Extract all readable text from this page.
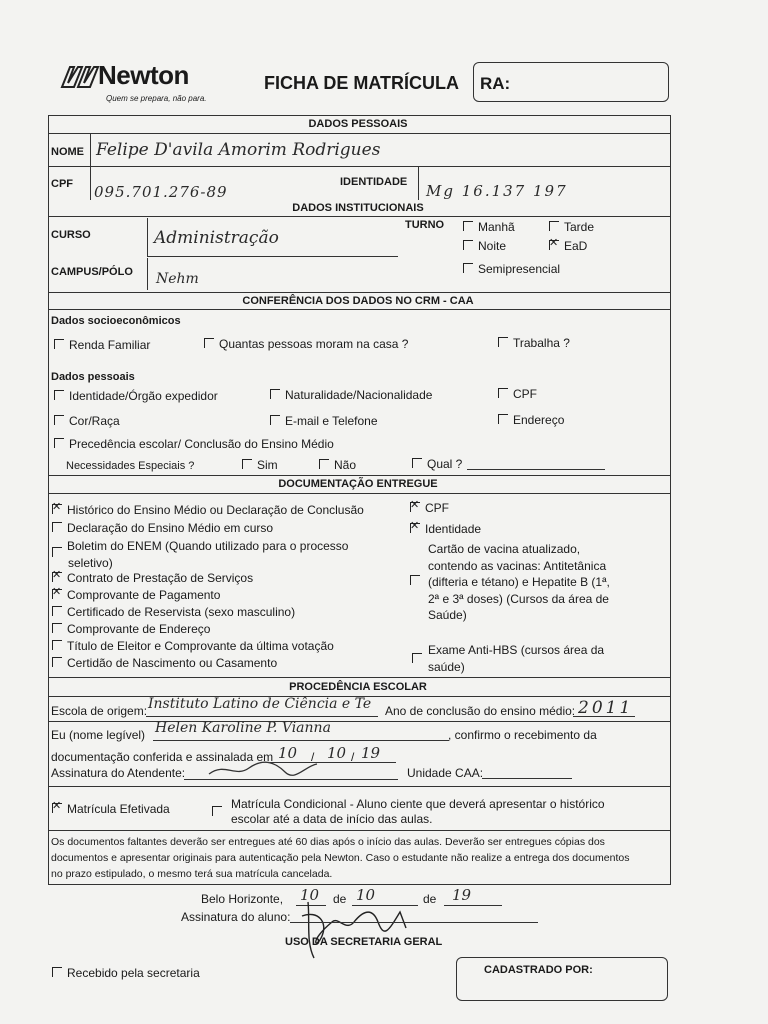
Newton
Quem se prepara, não para.
FICHA DE MATRÍCULA RA:
DADOS PESSOAIS
NOME Felipe D'avila Amorim Rodrigues
CPF 095.701.276-89
IDENTIDADE Mg 16.137 197
DADOS INSTITUCIONAIS
CURSO	Administração
CAMPUS/PÓLO Nehm
TURNO	Manhã	Tarde
Noite
✕	EaD
Semipresencial
CONFERÊNCIA DOS DADOS NO CRM - CAA
Dados socioeconômicos
Renda Familiar	Quantas pessoas moram na casa ?	Trabalha ?
Dados pessoais
Identidade/Órgão expedidor	Naturalidade/Nacionalidade	CPF
Cor/Raça	E-mail e Telefone	Endereço
Precedência escolar/ Conclusão do Ensino Médio
Necessidades Especiais ?	Sim	Não	Qual ?
DOCUMENTAÇÃO ENTREGUE
✕Histórico do Ensino Médio ou Declaração de Conclusão
Declaração do Ensino Médio em curso
Boletim do ENEM (Quando utilizado para o processo
seletivo)
✕Contrato de Prestação de Serviços
✕Comprovante de Pagamento
Certificado de Reservista (sexo masculino)
Comprovante de Endereço
Título de Eleitor e Comprovante da última votação
Certidão de Nascimento ou Casamento
✕CPF
✕Identidade
Cartão de vacina atualizado,
contendo as vacinas: Antitetânica
(difteria e tétano) e Hepatite B (1ª,
2ª e 3ª doses) (Cursos da área de
Saúde)
Exame Anti-HBS (cursos área da
saúde)
PROCEDÊNCIA ESCOLAR
Escola de origem: Instituto Latino de Ciência e Te Ano de conclusão do ensino médio: 2011
Eu (nome legível) Helen Karoline P. Vianna	, confirmo o recebimento da
documentação conferida e assinalada em 10 / 10 / 19
Assinatura do Atendente:	Unidade CAA:
✕Matrícula Efetivada	Matrícula Condicional - Aluno ciente que deverá apresentar o histórico
escolar até a data de início das aulas.
Os documentos faltantes deverão ser entregues até 60 dias após o início das aulas. Deverão ser entregues cópias dos
documentos e apresentar originais para autenticação pela Newton. Caso o estudante não realize a entrega dos documentos
no prazo estipulado, o mesmo terá sua matrícula cancelada.
Belo Horizonte, 10 de 10	de 19
Assinatura do aluno:
USO DA SECRETARIA GERAL
Recebido pela secretaria	CADASTRADO POR:
